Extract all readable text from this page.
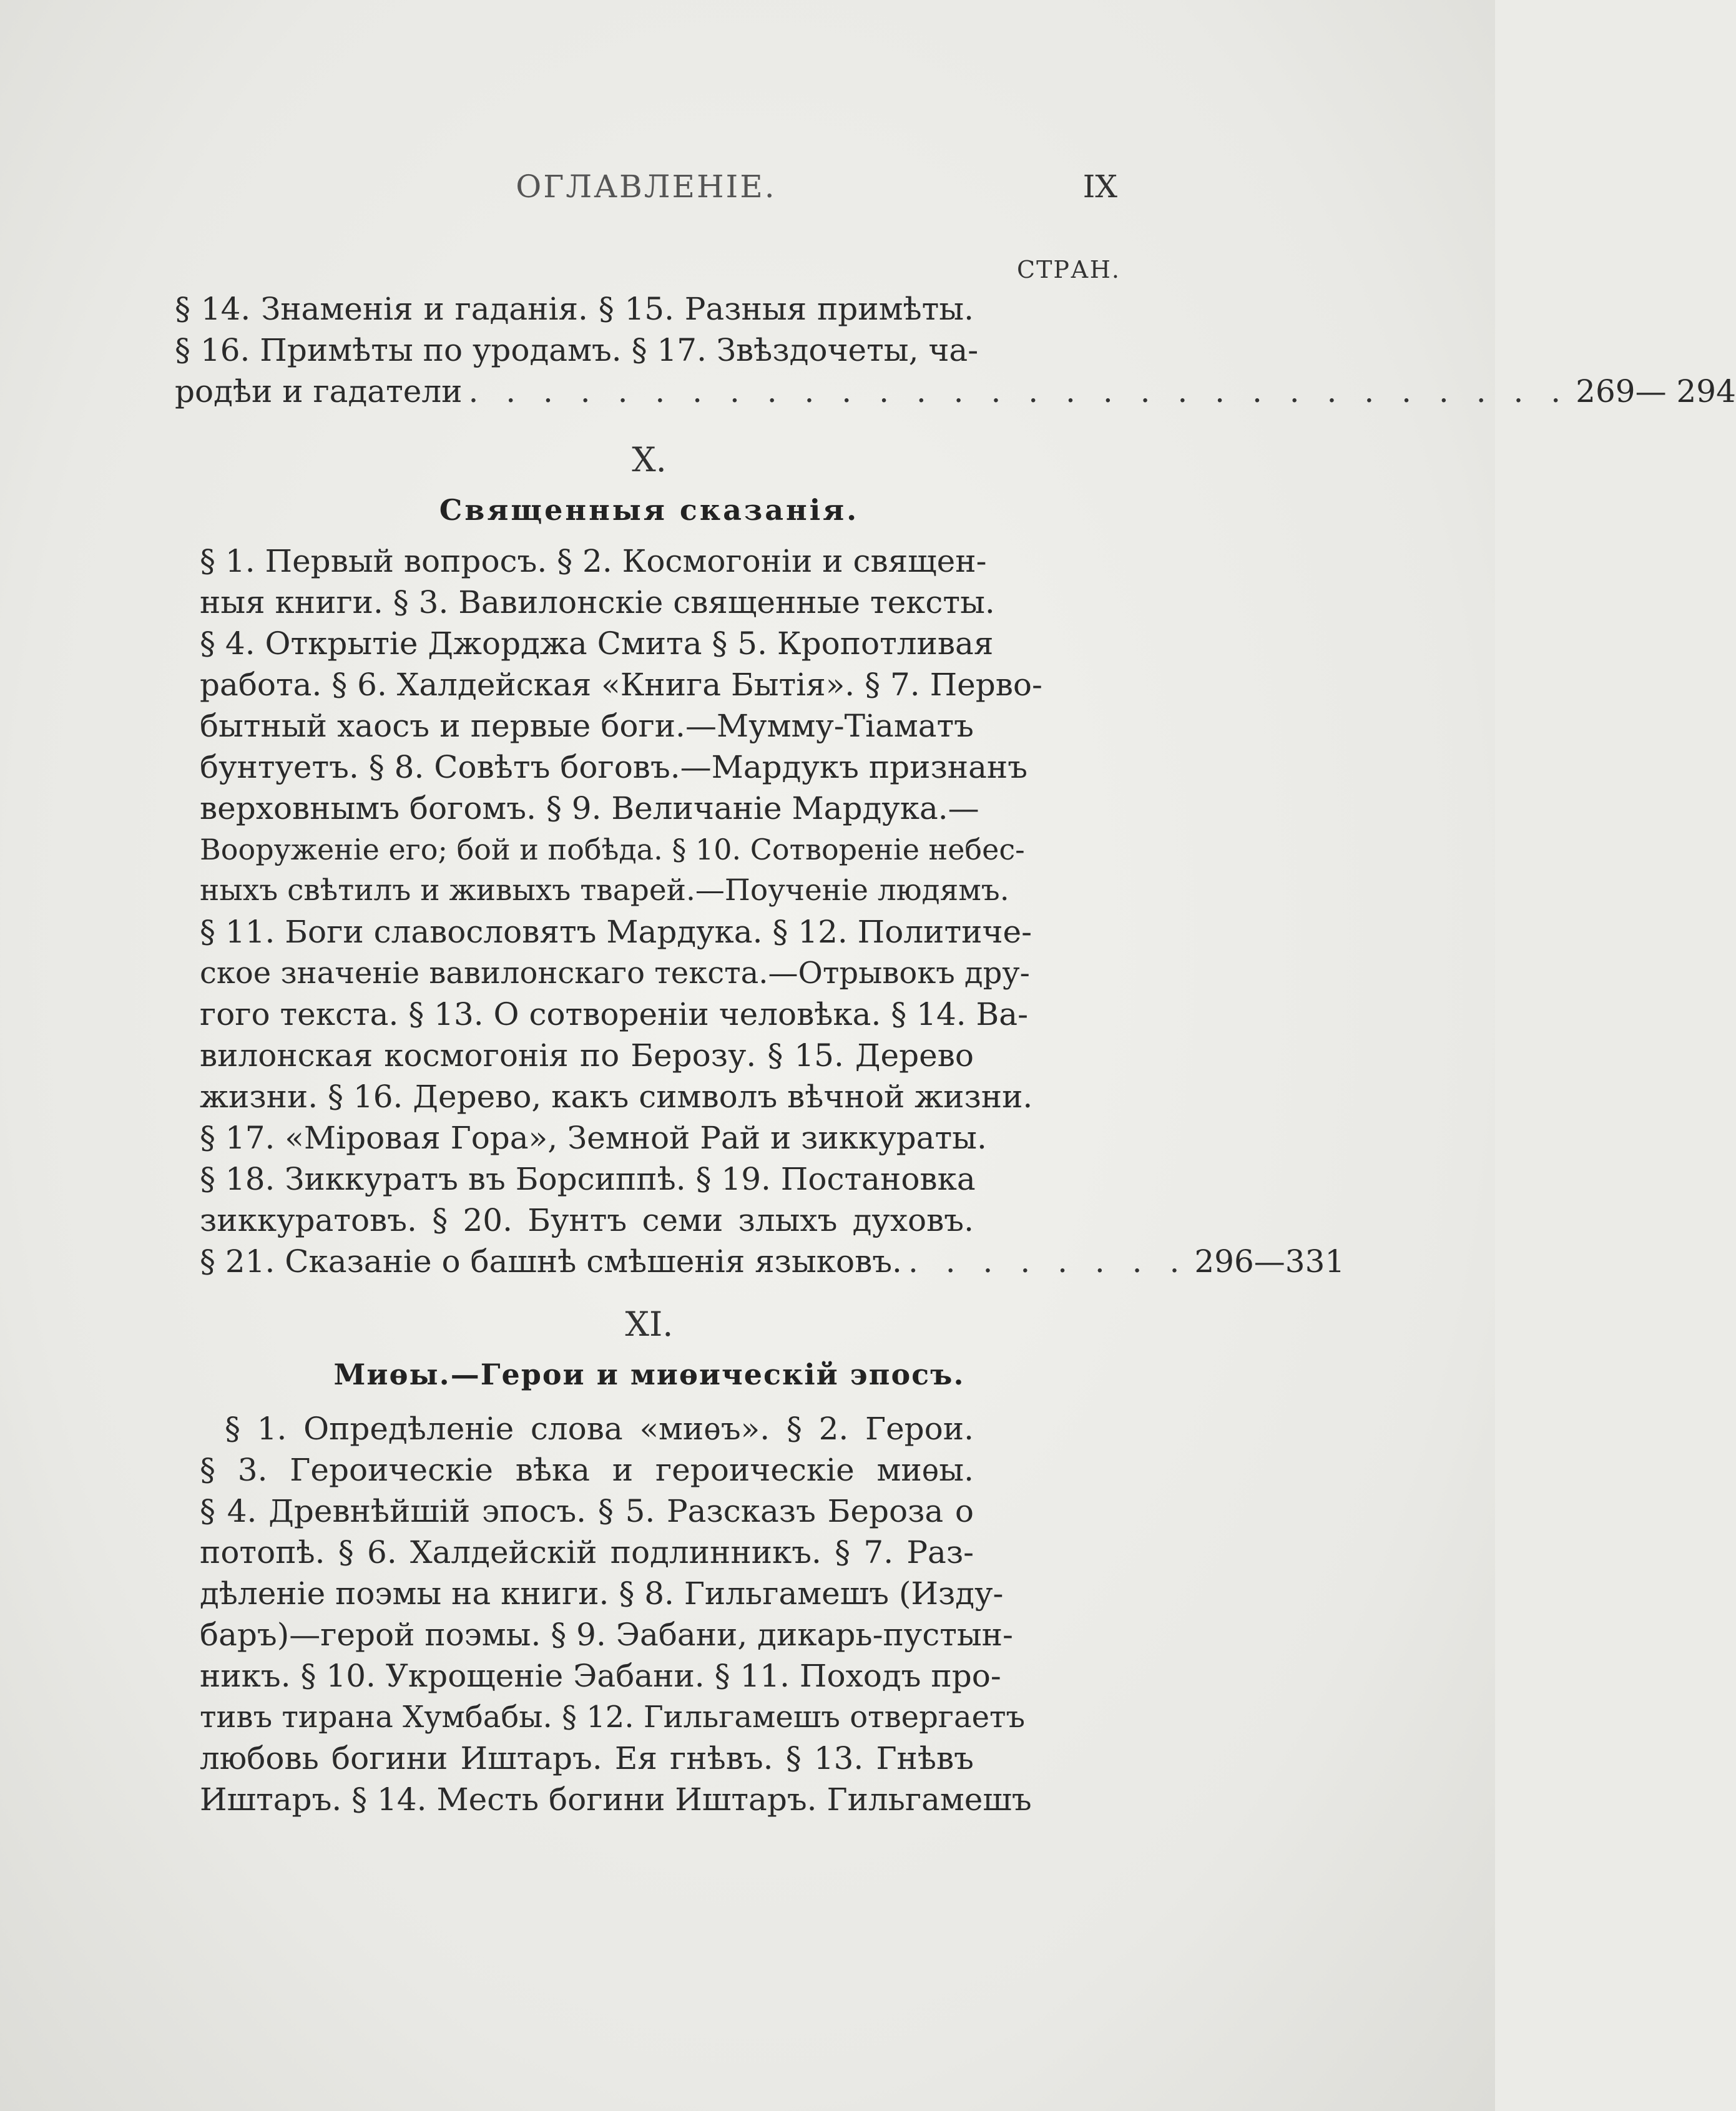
ОГЛАВЛЕНІЕ.	IX
СТРАН.
§ 14. Знаменія и гаданія. § 15. Разныя примѣты.
§ 16. Примѣты по уродамъ. § 17. Звѣздочеты, ча-
родѣи и гадатели . . . . . . . . . . . . . . . . . . . . . . . . . . . . . . 269— 294
X.
Священныя сказанія.
§ 1. Первый вопросъ. § 2. Космогоніи и священ-
ныя книги. § 3. Вавилонскіе священные тексты.
§ 4. Открытіе Джорджа Смита § 5. Кропотливая
работа. § 6. Халдейская «Книга Бытія». § 7. Перво-
бытный хаосъ и первые боги.—Мумму-Тіаматъ
бунтуетъ. § 8. Совѣтъ боговъ.—Мардукъ признанъ
верховнымъ богомъ. § 9. Величаніе Мардука.—
Вооруженіе его; бой и побѣда. § 10. Сотвореніе небес-
ныхъ свѣтилъ и живыхъ тварей.—Поученіе людямъ.
§ 11. Боги славословятъ Мардука. § 12. Политиче-
ское значеніе вавилонскаго текста.—Отрывокъ дру-
гого текста. § 13. О сотвореніи человѣка. § 14. Ва-
вилонская космогонія по Берозу. § 15. Дерево
жизни. § 16. Дерево, какъ символъ вѣчной жизни.
§ 17. «Міровая Гора», Земной Рай и зиккураты.
§ 18. Зиккуратъ въ Борсиппѣ. § 19. Постановка
зиккуратовъ. § 20. Бунтъ семи злыхъ духовъ.
§ 21. Сказаніе о башнѣ смѣшенія языковъ. . . . . . . . . 296—331
XI.
Миѳы.—Герои и миѳическій эпосъ.
§ 1. Опредѣленіе слова «миѳъ». § 2. Герои.
§ 3. Героическіе вѣка и героическіе миѳы.
§ 4. Древнѣйшій эпосъ. § 5. Разсказъ Бероза о
потопѣ. § 6. Халдейскій подлинникъ. § 7. Раз-
дѣленіе поэмы на книги. § 8. Гильгамешъ (Изду-
баръ)—герой поэмы. § 9. Эабани, дикарь-пустын-
никъ. § 10. Укрощеніе Эабани. § 11. Походъ про-
тивъ тирана Хумбабы. § 12. Гильгамешъ отвергаетъ
любовь богини Иштаръ. Ея гнѣвъ. § 13. Гнѣвъ
Иштаръ. § 14. Месть богини Иштаръ. Гильгамешъ
